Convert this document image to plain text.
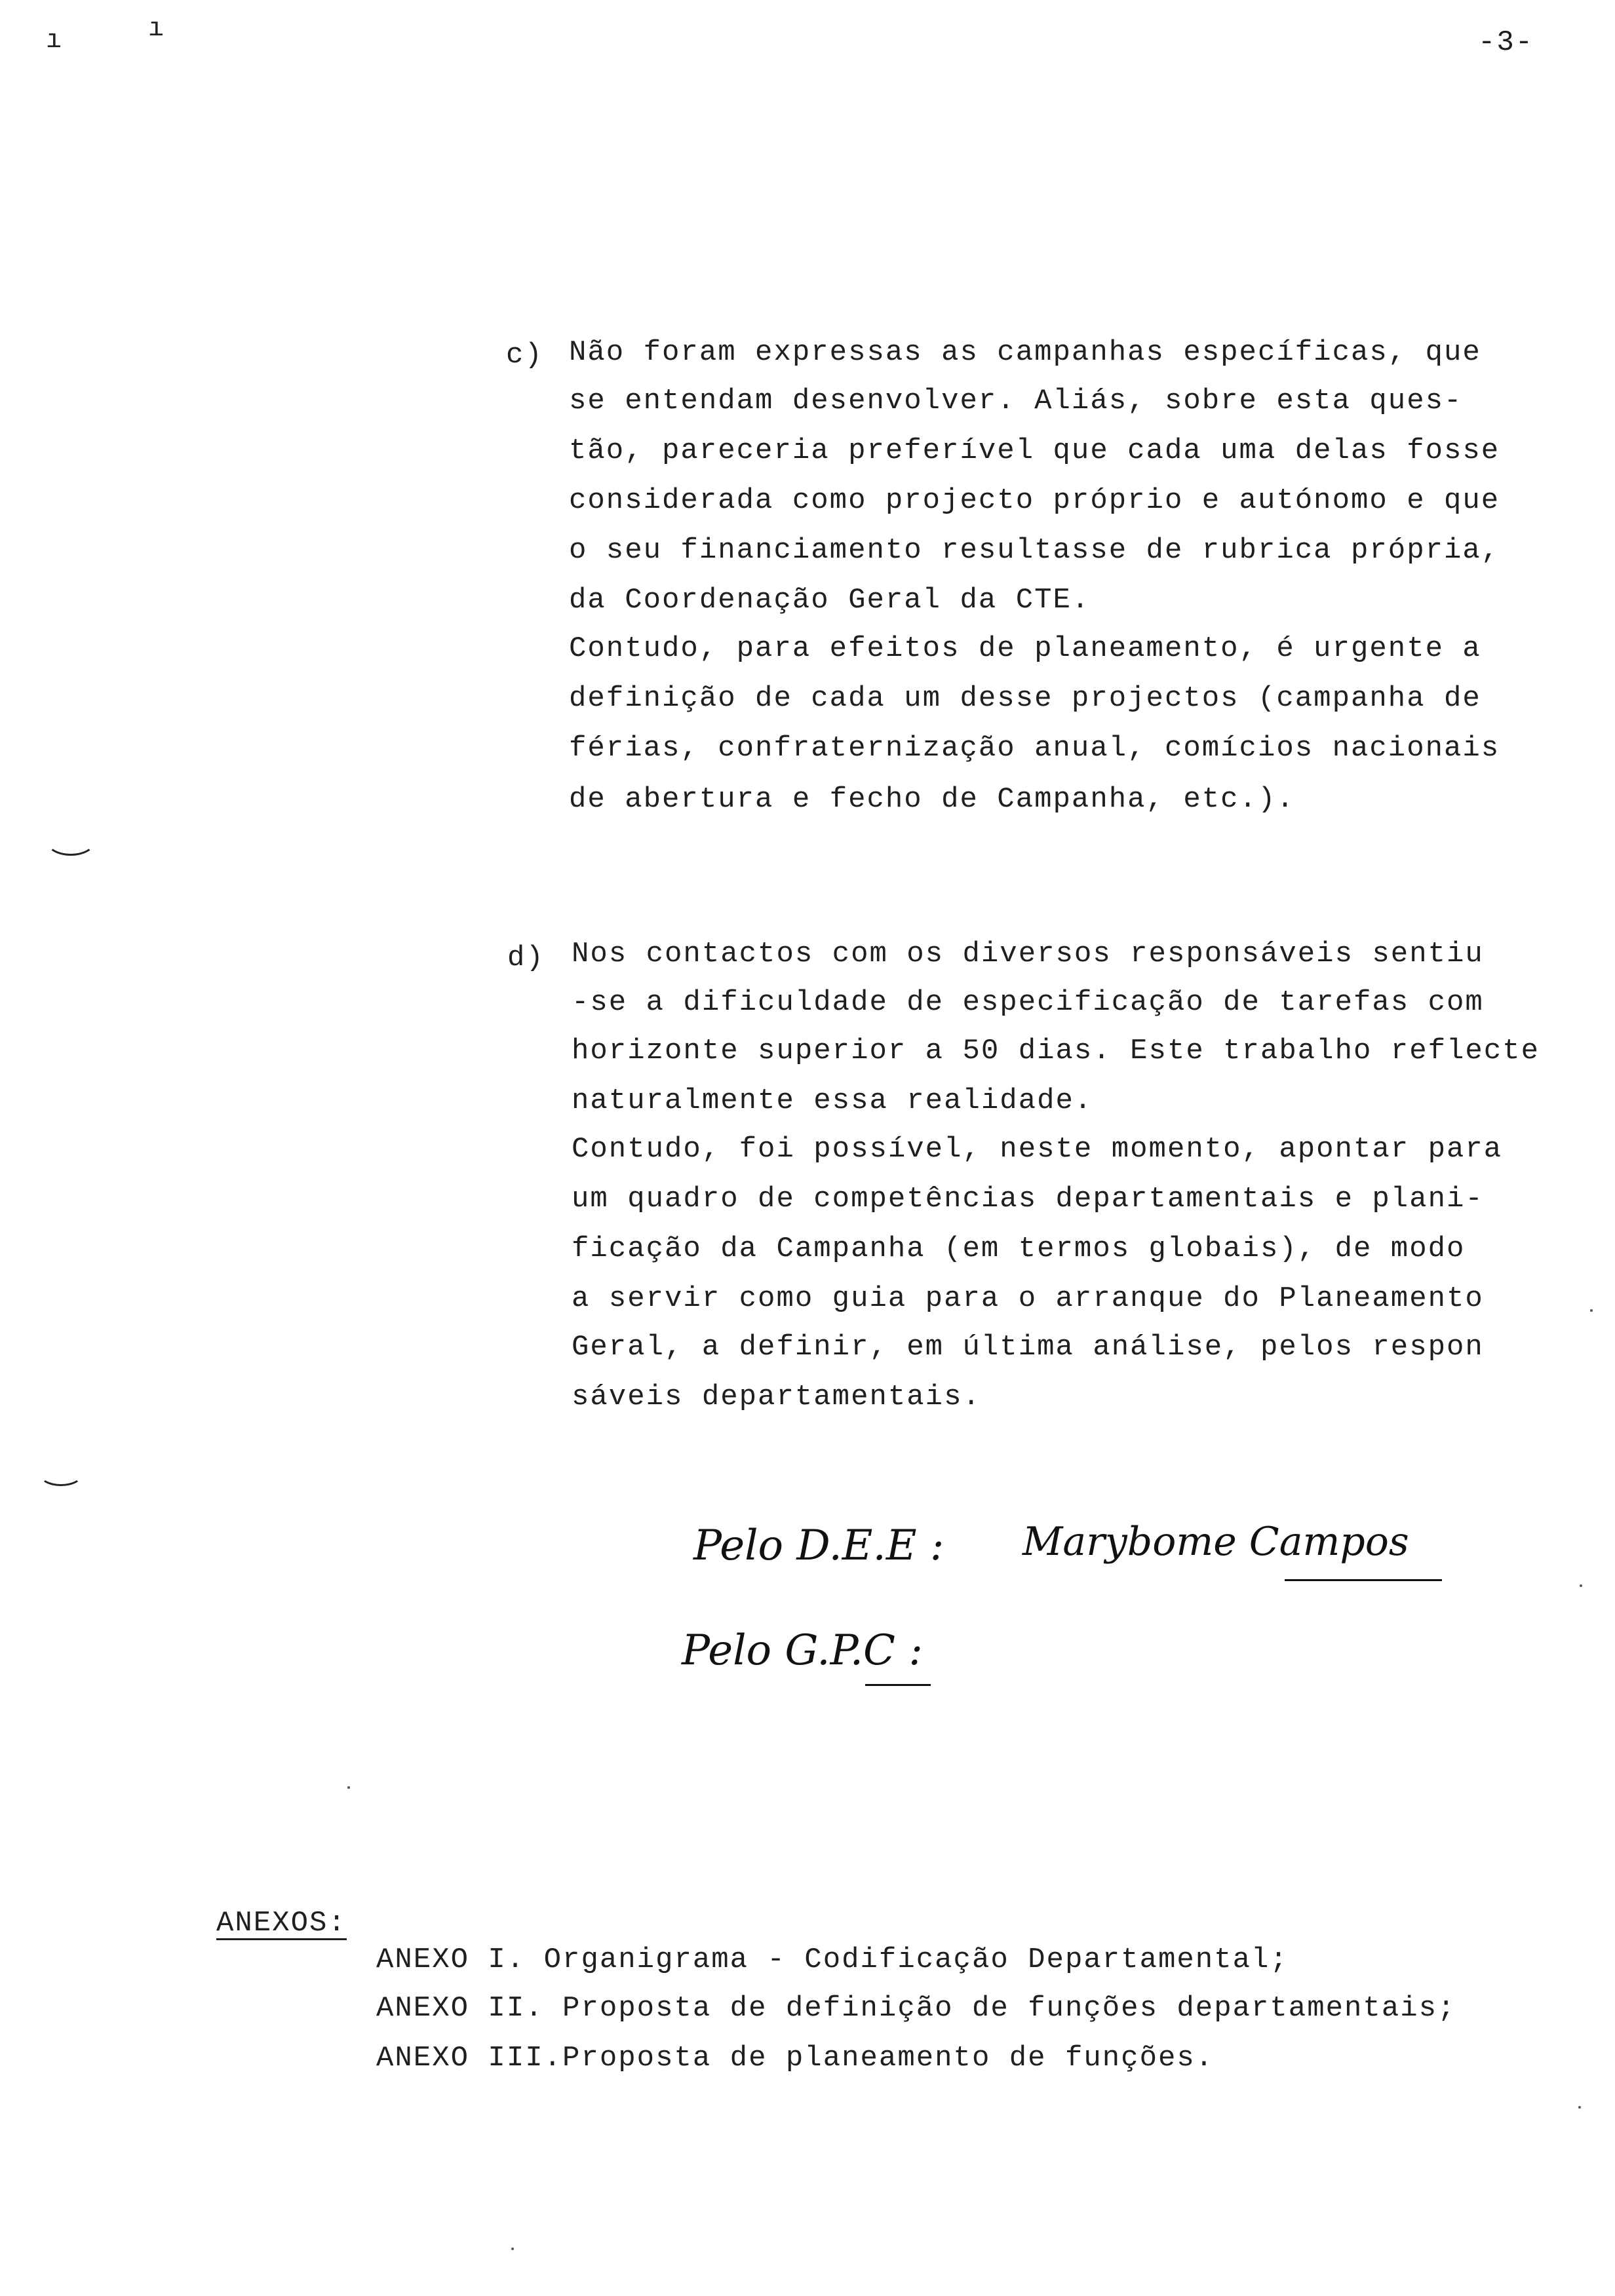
ı	ı	-3-
c) Não foram expressas as campanhas específicas, que
se entendam desenvolver. Aliás, sobre esta ques-
tão, pareceria preferível que cada uma delas fosse
considerada como projecto próprio e autónomo e que
o seu financiamento resultasse de rubrica própria,
da Coordenação Geral da CTE.
Contudo, para efeitos de planeamento, é urgente a
definição de cada um desse projectos (campanha de
férias, confraternização anual, comícios nacionais
de abertura e fecho de Campanha, etc.).
d) Nos contactos com os diversos responsáveis sentiu
-se a dificuldade de especificação de tarefas com
horizonte superior a 50 dias. Este trabalho reflecte
naturalmente essa realidade.
Contudo, foi possível, neste momento, apontar para
um quadro de competências departamentais e plani-
ficação da Campanha (em termos globais), de modo
a servir como guia para o arranque do Planeamento
Geral, a definir, em última análise, pelos respon
sáveis departamentais.
Pelo D.E.E : Marybome Campos
Pelo G.P.C :
ANEXOS:
ANEXO I. Organigrama - Codificação Departamental;
ANEXO II. Proposta de definição de funções departamentais;
ANEXO III.Proposta de planeamento de funções.
